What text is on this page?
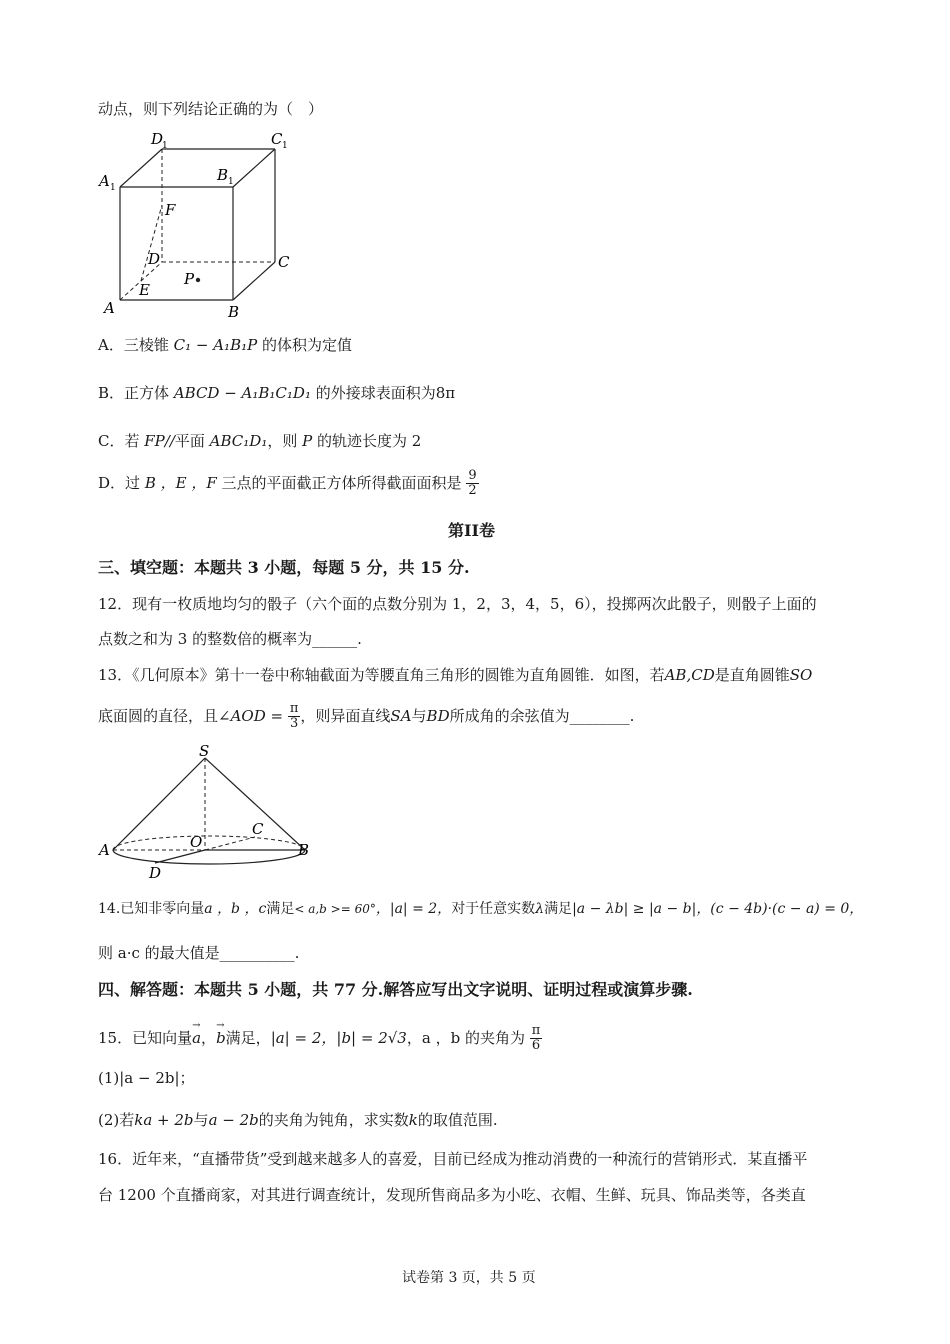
动点，则下列结论正确的为（　）
D
1	C 1
A 1
B 1
F
D	C
P
A
E
B
A．三棱锥 C₁ − A₁B₁P 的体积为定值
B．正方体 ABCD − A₁B₁C₁D₁ 的外接球表面积为8π
C．若 FP//平面 ABC₁D₁，则 P 的轨迹长度为 2
D．过 B ，E ，F 三点的平面截正方体所得截面面积是 $\frac{9}{2}$
第II卷
三、填空题：本题共 3 小题，每题 5 分，共 15 分.
12．现有一枚质地均匀的骰子（六个面的点数分别为 1，2，3，4，5，6），投掷两次此骰子，则骰子上面的
点数之和为 3 的整数倍的概率为______.
13．《几何原本》第十一卷中称轴截面为等腰直角三角形的圆锥为直角圆锥．如图，若AB,CD是直角圆锥SO
底面圆的直径，且∠AOD = $\frac{\pi}{3}$ ，则异面直线SA与BD所成角的余弦值为________.
S
O
C
A	B
D
14.已知非零向量a ，b ，c满足< a,b >= 60°，|a| = 2，对于任意实数λ满足|a − λb| ≥ |a − b|，(c − 4b)·(c − a) = 0，
则 a·c 的最大值是__________.
四、解答题：本题共 5 小题，共 77 分.解答应写出文字说明、证明过程或演算步骤.
15．已知向量→ a，→ b满足，|a| = 2，|b| = 2√3，a ，b 的夹角为 $\frac{\pi}{6}$
(1)|a − 2b|；
(2)若ka + 2b与a − 2b的夹角为钝角，求实数k的取值范围.
16．近年来，“直播带货”受到越来越多人的喜爱，目前已经成为推动消费的一种流行的营销形式．某直播平
台 1200 个直播商家，对其进行调查统计，发现所售商品多为小吃、衣帽、生鲜、玩具、饰品类等，各类直
试卷第 3 页，共 5 页
